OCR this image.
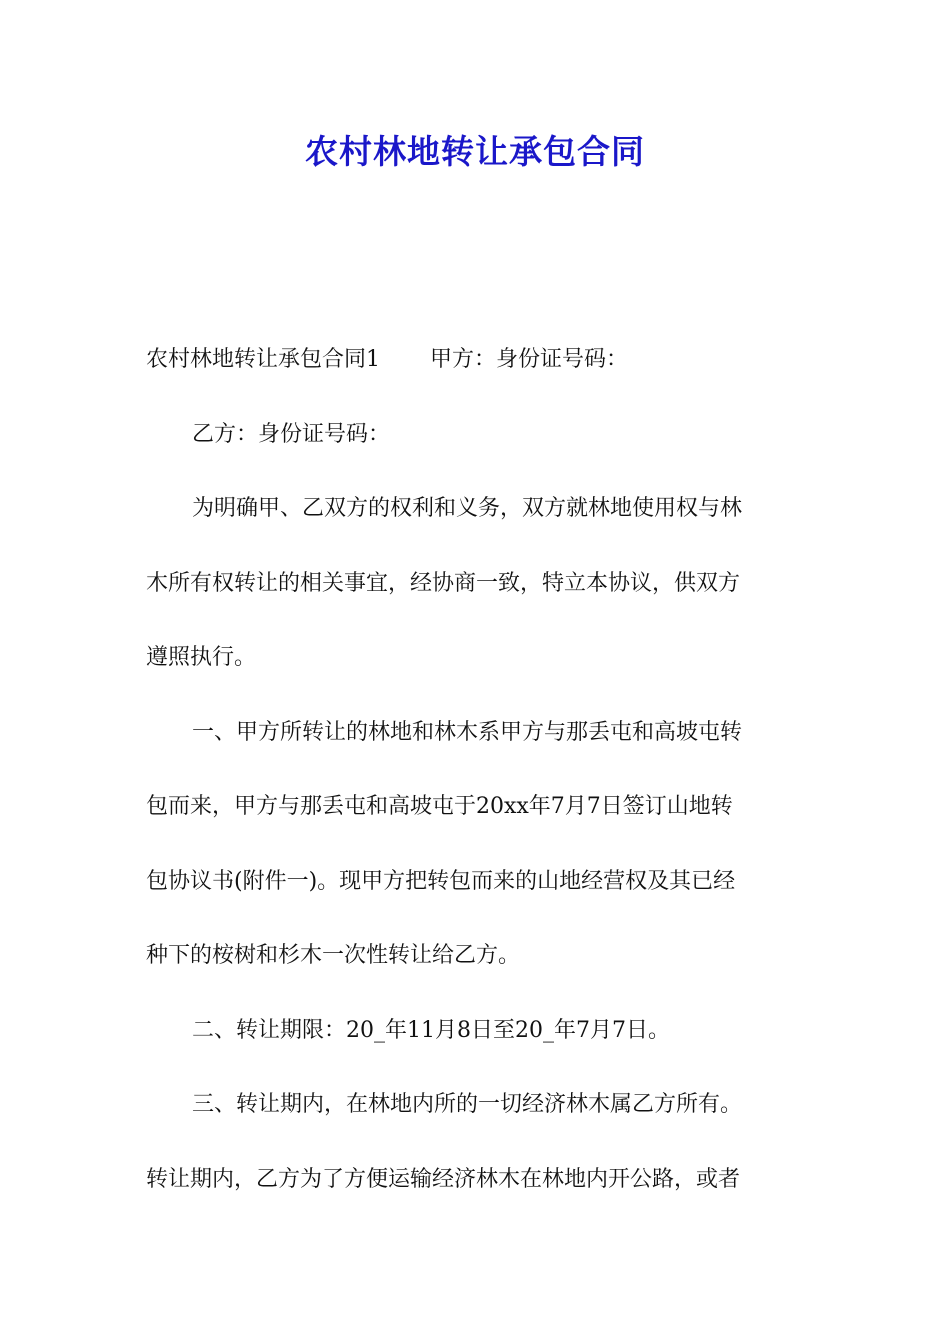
农村林地转让承包合同
农村林地转让承包合同1 甲方：身份证号码：
乙方：身份证号码：
为明确甲、乙双方的权利和义务，双方就林地使用权与林
木所有权转让的相关事宜，经协商一致，特立本协议，供双方
遵照执行。
一、甲方所转让的林地和林木系甲方与那丢屯和高坡屯转
包而来，甲方与那丢屯和高坡屯于20xx年7月7日签订山地转
包协议书(附件一)。现甲方把转包而来的山地经营权及其已经
种下的桉树和杉木一次性转让给乙方。
二、转让期限：20_年11月8日至20_年7月7日。
三、转让期内，在林地内所的一切经济林木属乙方所有。
转让期内，乙方为了方便运输经济林木在林地内开公路，或者
